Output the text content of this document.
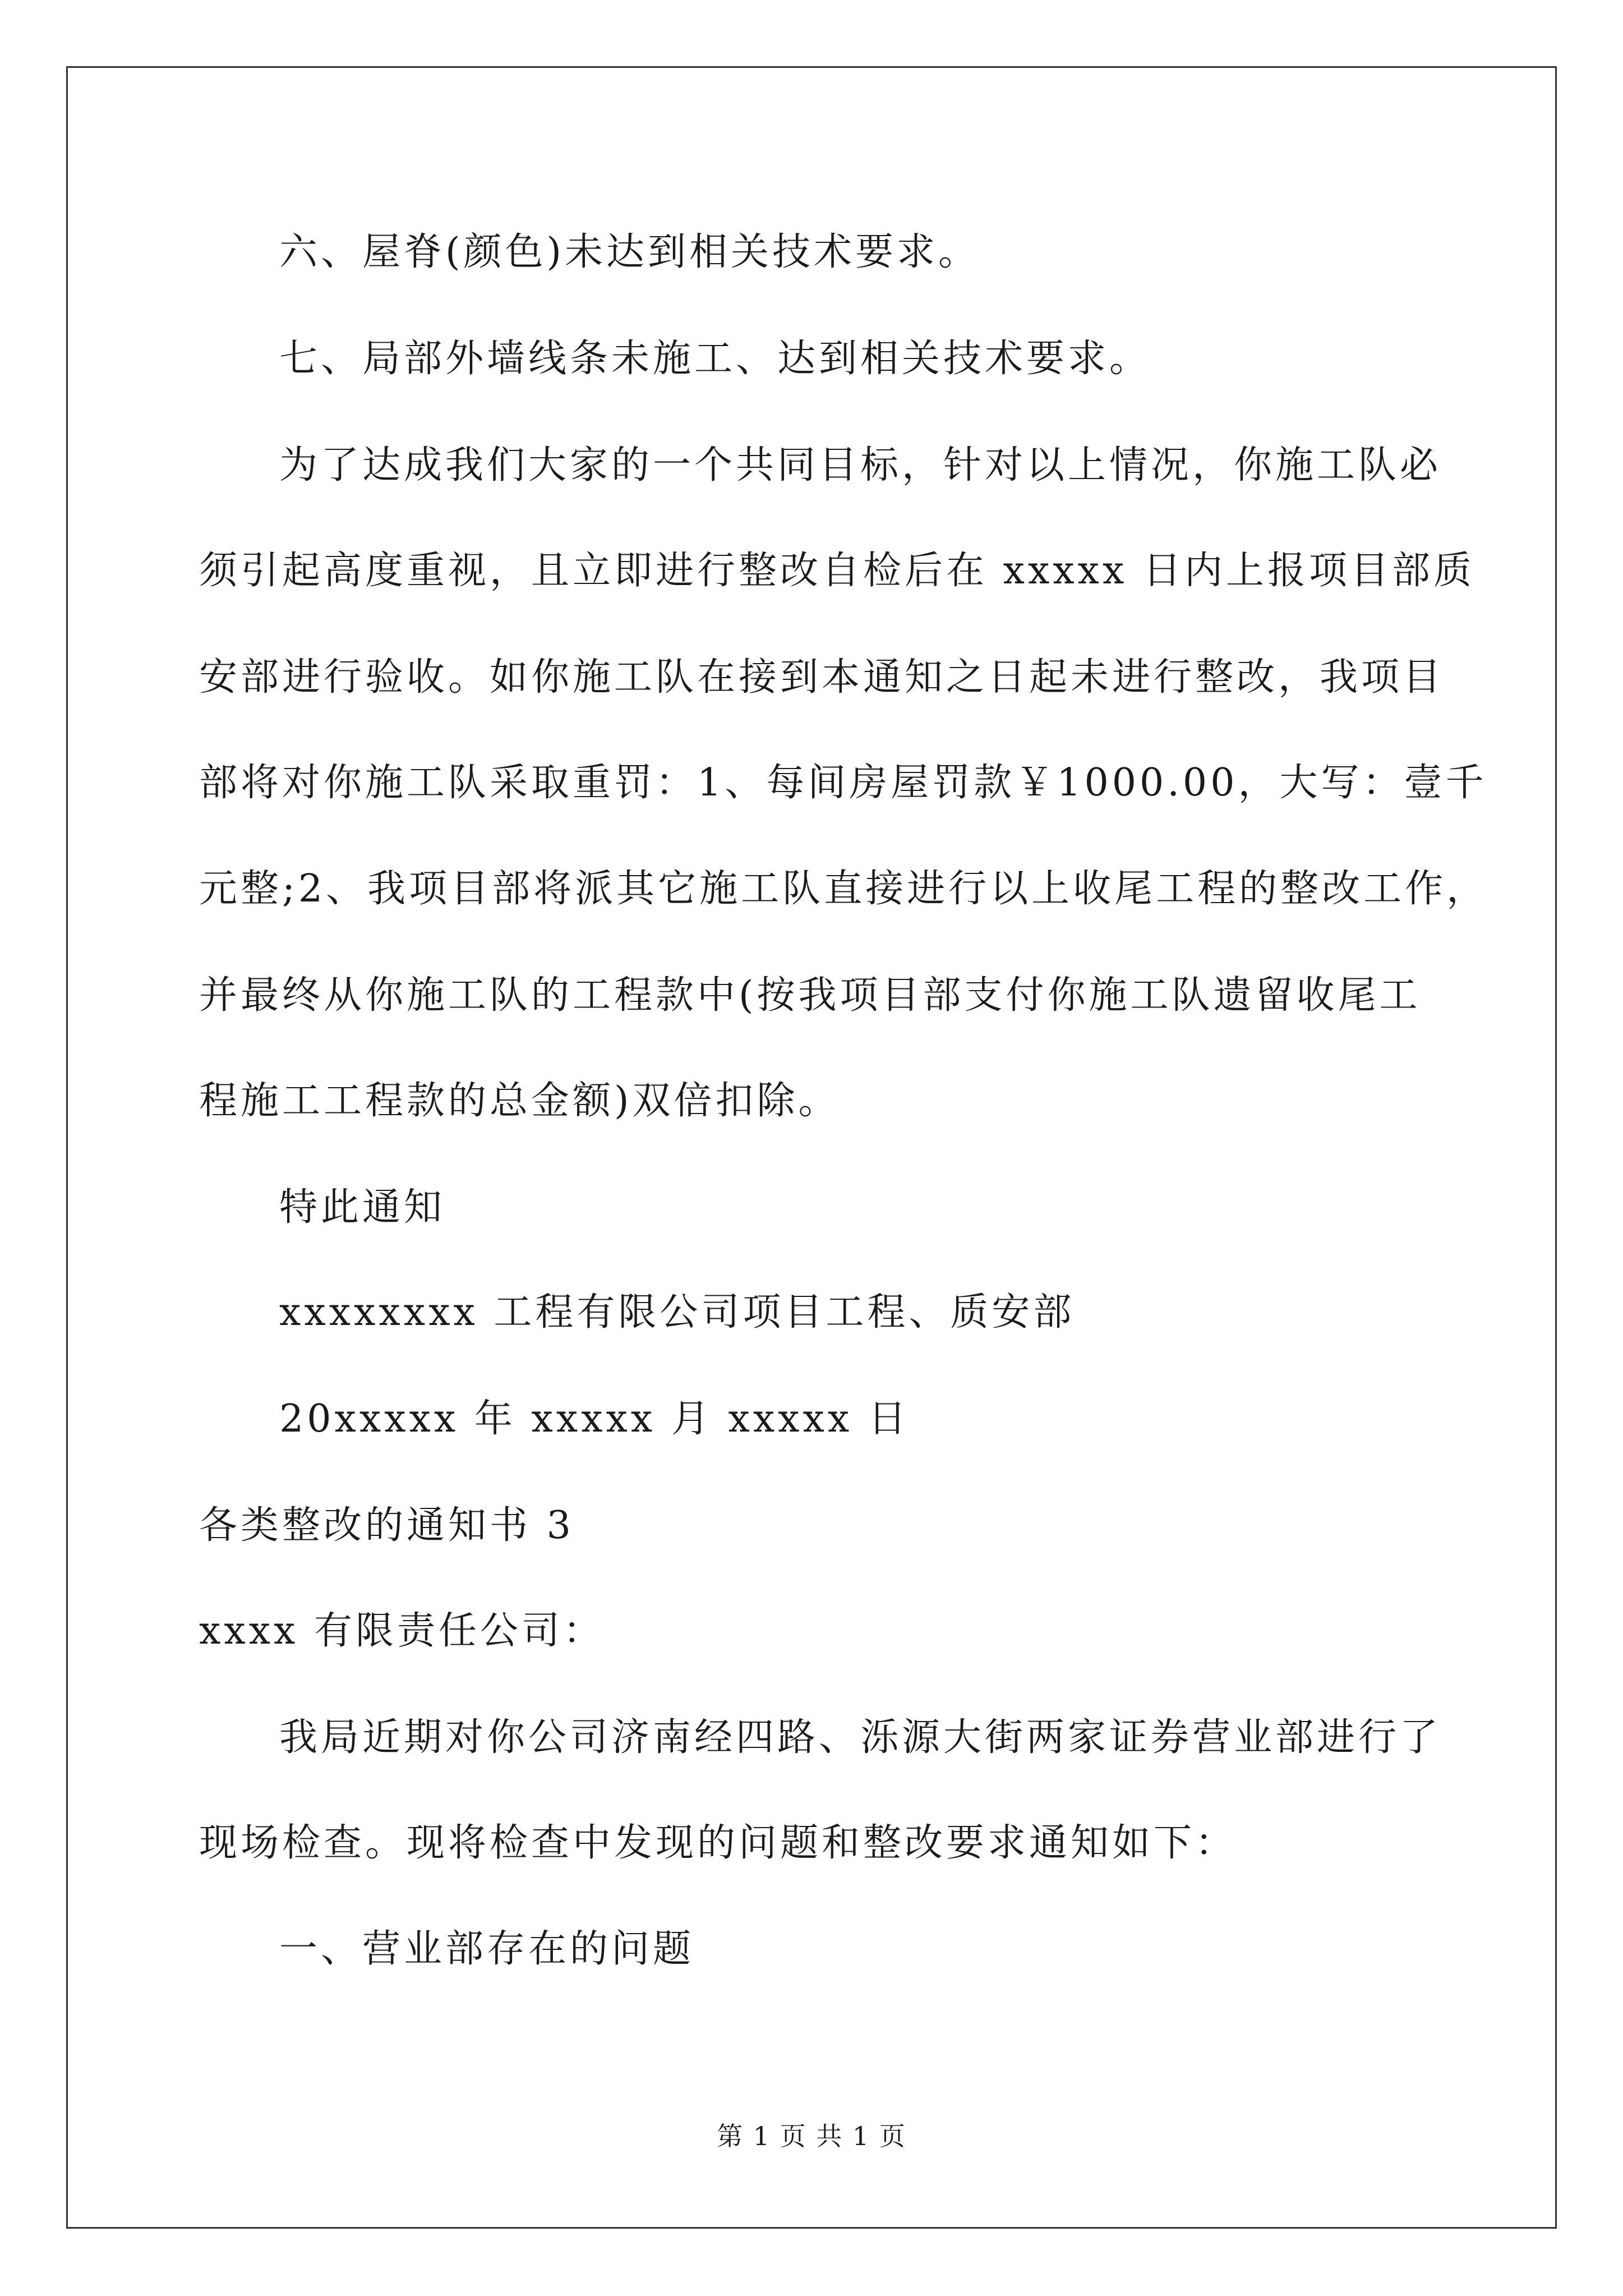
六、屋脊(颜色)未达到相关技术要求。
七、局部外墙线条未施工、达到相关技术要求。
为了达成我们大家的一个共同目标，针对以上情况，你施工队必
须引起高度重视，且立即进行整改自检后在 xxxxx 日内上报项目部质
安部进行验收。如你施工队在接到本通知之日起未进行整改，我项目
部将对你施工队采取重罚：1、每间房屋罚款￥1000.00，大写：壹千
元整;2、我项目部将派其它施工队直接进行以上收尾工程的整改工作，
并最终从你施工队的工程款中(按我项目部支付你施工队遗留收尾工
程施工工程款的总金额)双倍扣除。
特此通知
xxxxxxxx 工程有限公司项目工程、质安部
20xxxxx 年 xxxxx 月 xxxxx 日
各类整改的通知书 3
xxxx 有限责任公司：
我局近期对你公司济南经四路、泺源大街两家证券营业部进行了
现场检查。现将检查中发现的问题和整改要求通知如下：
一、营业部存在的问题
第 1 页 共 1 页
